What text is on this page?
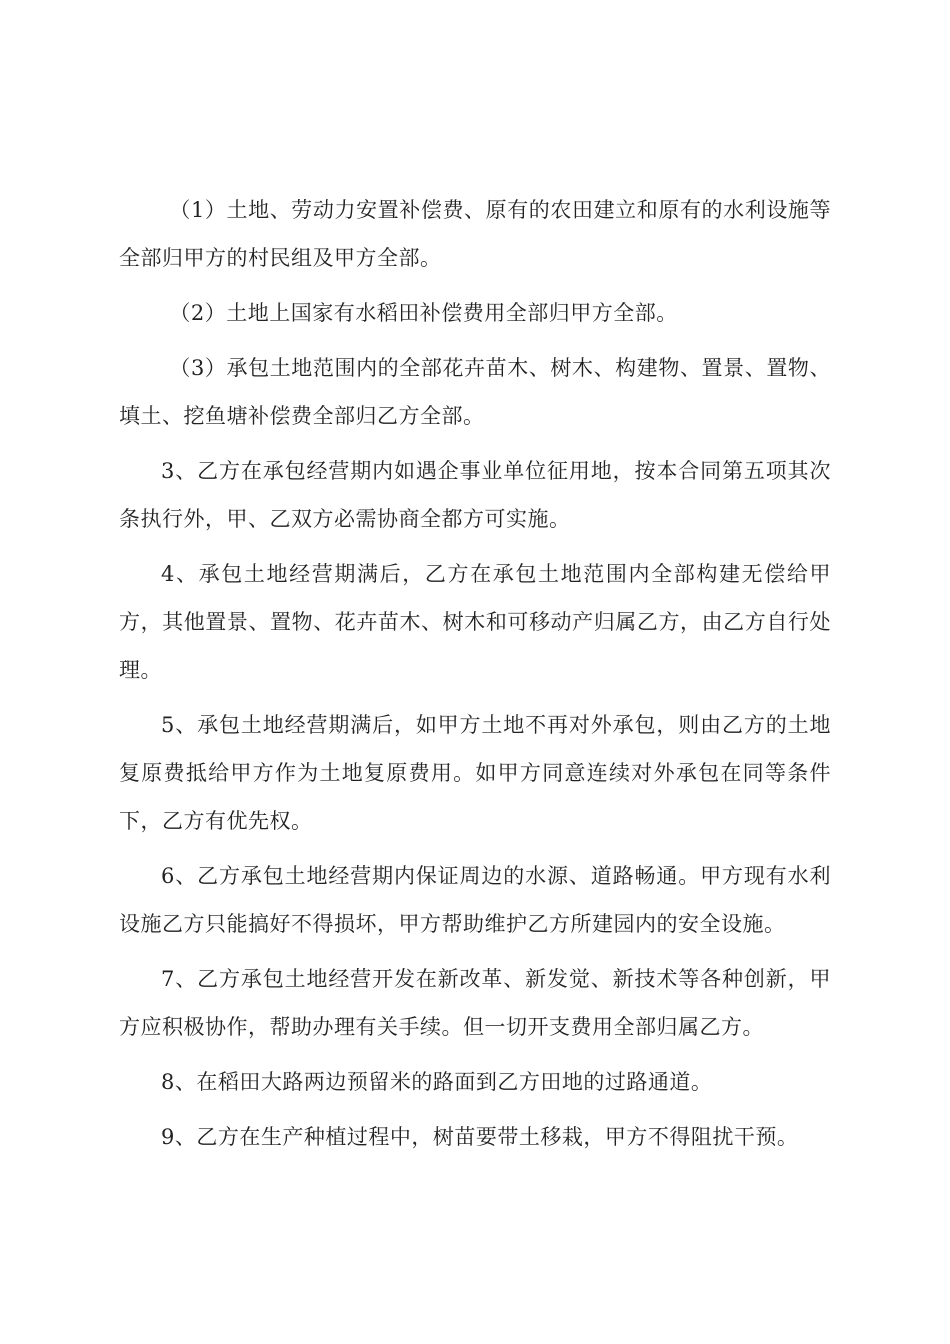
（1）土地、劳动力安置补偿费、原有的农田建立和原有的水利设施等全部归甲方的村民组及甲方全部。

（2）土地上国家有水稻田补偿费用全部归甲方全部。

（3）承包土地范围内的全部花卉苗木、树木、构建物、置景、置物、填土、挖鱼塘补偿费全部归乙方全部。

3、乙方在承包经营期内如遇企事业单位征用地，按本合同第五项其次条执行外，甲、乙双方必需协商全都方可实施。

4、承包土地经营期满后，乙方在承包土地范围内全部构建无偿给甲方，其他置景、置物、花卉苗木、树木和可移动产归属乙方，由乙方自行处理。

5、承包土地经营期满后，如甲方土地不再对外承包，则由乙方的土地复原费抵给甲方作为土地复原费用。如甲方同意连续对外承包在同等条件下，乙方有优先权。

6、乙方承包土地经营期内保证周边的水源、道路畅通。甲方现有水利设施乙方只能搞好不得损坏，甲方帮助维护乙方所建园内的安全设施。

7、乙方承包土地经营开发在新改革、新发觉、新技术等各种创新，甲方应积极协作，帮助办理有关手续。但一切开支费用全部归属乙方。

8、在稻田大路两边预留米的路面到乙方田地的过路通道。

9、乙方在生产种植过程中，树苗要带土移栽，甲方不得阻扰干预。
